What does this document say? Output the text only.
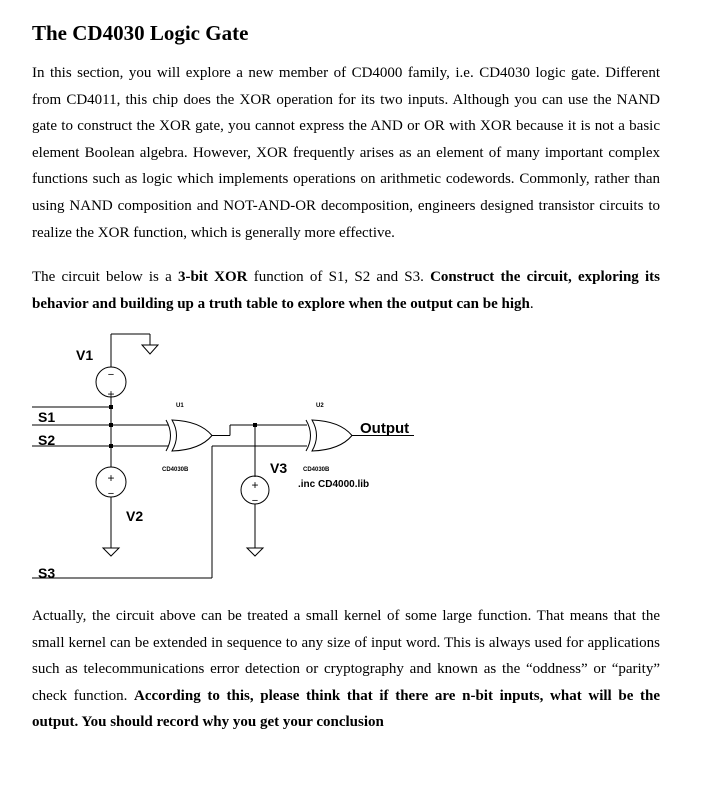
The CD4030 Logic Gate

In this section, you will explore a new member of CD4000 family, i.e. CD4030 logic gate. Different from CD4011, this chip does the XOR operation for its two inputs. Although you can use the NAND gate to construct the XOR gate, you cannot express the AND or OR with XOR because it is not a basic element Boolean algebra. However, XOR frequently arises as an element of many important complex functions such as logic which implements operations on arithmetic codewords. Commonly, rather than using NAND composition and NOT-AND-OR decomposition, engineers designed transistor circuits to realize the XOR function, which is generally more effective.

The circuit below is a 3-bit XOR function of S1, S2 and S3. Construct the circuit, exploring its behavior and building up a truth table to explore when the output can be high.

+
−
+
−
+
−
V1
V2
V3
S1
S2
S3
U1	U2
CD4030B	CD4030B
Output
.inc CD4000.lib

Actually, the circuit above can be treated a small kernel of some large function. That means that the small kernel can be extended in sequence to any size of input word. This is always used for applications such as telecommunications error detection or cryptography and known as the “oddness” or “parity” check function. According to this, please think that if there are n-bit inputs, what will be the output. You should record why you get your conclusion
